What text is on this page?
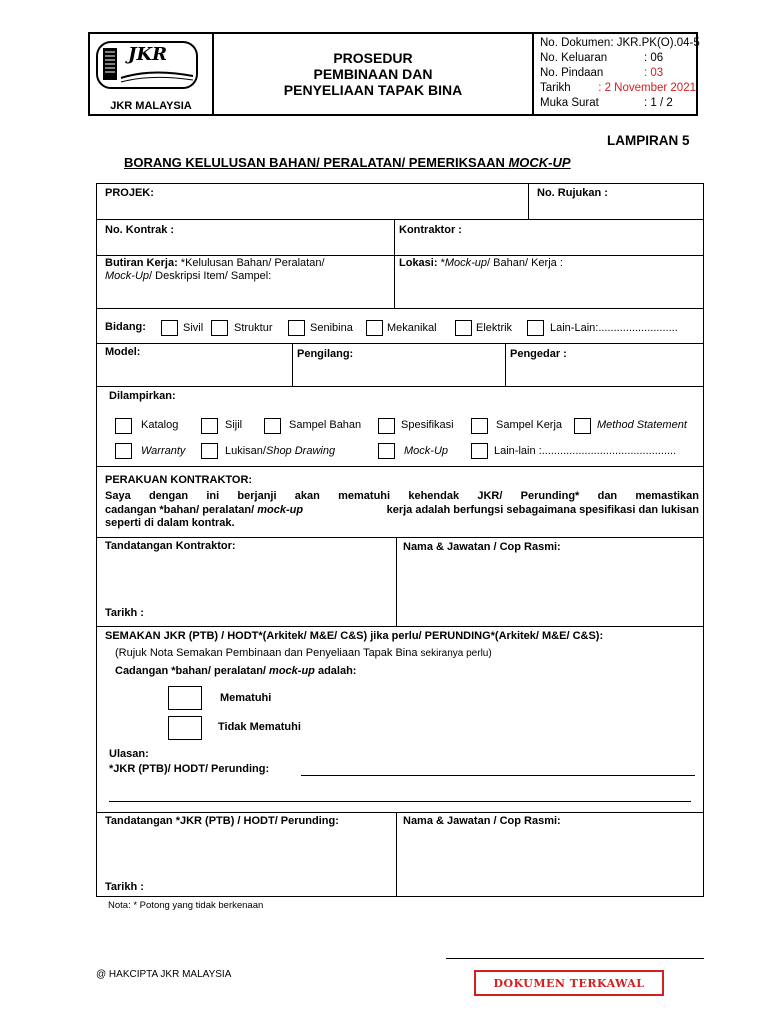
JKR
JKR MALAYSIA
PROSEDUR
PEMBINAAN DAN
PENYELIAAN TAPAK BINA
No. Dokumen : JKR.PK(O).04-5
No. Keluaran	: 06
No. Pindaan	: 03
Tarikh	: 2 November 2021
Muka Surat	: 1 / 2
LAMPIRAN 5
BORANG KELULUSAN BAHAN/ PERALATAN/ PEMERIKSAAN MOCK-UP
PROJEK:	No. Rujukan :
No. Kontrak :	Kontraktor :
Butiran Kerja: *Kelulusan Bahan/ Peralatan/
Mock-Up/ Deskripsi Item/ Sampel:
Lokasi: *Mock-up/ Bahan/ Kerja :
Bidang:	Sivil	Struktur	Senibina	Mekanikal	Elektrik	Lain-Lain:..........................
Model:	Pengilang:	Pengedar :
Dilampirkan:
Katalog	Sijil	Sampel Bahan	Spesifikasi	Sampel Kerja	Method Statement
Warranty	Lukisan/Shop Drawing	Mock-Up	Lain-lain :............................................
PERAKUAN KONTRAKTOR:
Saya dengan ini berjanji akan mematuhi kehendak JKR/ Perunding* dan memastikan
cadangan *bahan/ peralatan/ mock-up	kerja adalah berfungsi sebagaimana spesifikasi dan lukisan
seperti di dalam kontrak.
Tandatangan Kontraktor:	Nama & Jawatan / Cop Rasmi:
Tarikh :
SEMAKAN JKR (PTB) / HODT*(Arkitek/ M&E/ C&S) jika perlu/ PERUNDING*(Arkitek/ M&E/ C&S):
(Rujuk Nota Semakan Pembinaan dan Penyeliaan Tapak Bina sekiranya perlu)
Cadangan *bahan/ peralatan/ mock-up adalah:
Mematuhi
Tidak Mematuhi
Ulasan:
*JKR (PTB)/ HODT/ Perunding:
Tandatangan *JKR (PTB) / HODT/ Perunding:	Nama & Jawatan / Cop Rasmi:
Tarikh :
Nota: * Potong yang tidak berkenaan
@ HAKCIPTA JKR MALAYSIA
DOKUMEN TERKAWAL
